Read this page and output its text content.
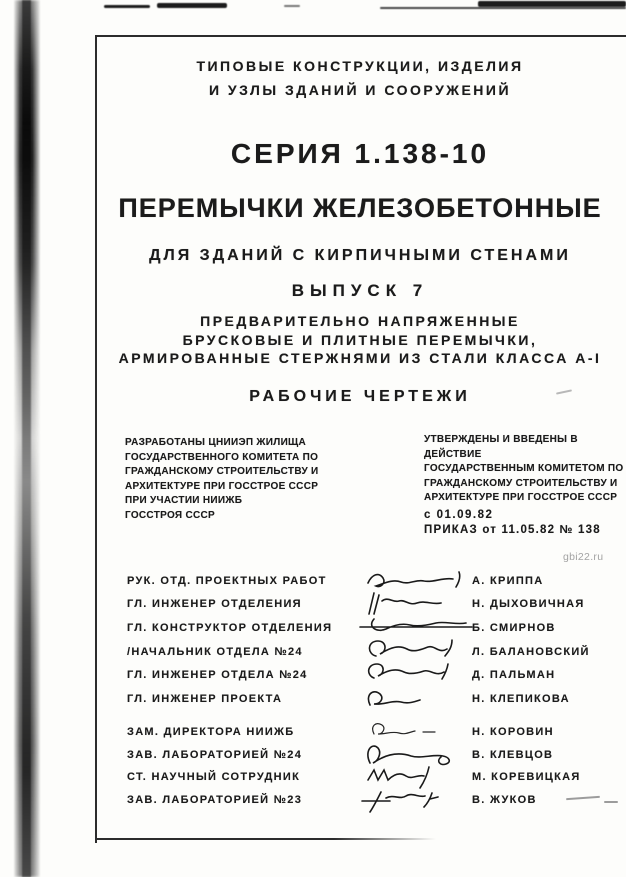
ТИПОВЫЕ КОНСТРУКЦИИ, ИЗДЕЛИЯ
И УЗЛЫ ЗДАНИЙ И СООРУЖЕНИЙ
СЕРИЯ 1.138-10
ПЕРЕМЫЧКИ ЖЕЛЕЗОБЕТОННЫЕ
ДЛЯ ЗДАНИЙ С КИРПИЧНЫМИ СТЕНАМИ
ВЫПУСК 7
ПРЕДВАРИТЕЛЬНО НАПРЯЖЕННЫЕ
БРУСКОВЫЕ И ПЛИТНЫЕ ПЕРЕМЫЧКИ,
АРМИРОВАННЫЕ СТЕРЖНЯМИ ИЗ СТАЛИ КЛАССА А-I
РАБОЧИЕ ЧЕРТЕЖИ
РАЗРАБОТАНЫ ЦНИИЭП ЖИЛИЩА
ГОСУДАРСТВЕННОГО КОМИТЕТА ПО
ГРАЖДАНСКОМУ СТРОИТЕЛЬСТВУ И
АРХИТЕКТУРЕ ПРИ ГОССТРОЕ СССР
ПРИ УЧАСТИИ НИИЖБ
ГОССТРОЯ СССР
УТВЕРЖДЕНЫ И ВВЕДЕНЫ В ДЕЙСТВИЕ
ГОСУДАРСТВЕННЫМ КОМИТЕТОМ ПО
ГРАЖДАНСКОМУ СТРОИТЕЛЬСТВУ И
АРХИТЕКТУРЕ ПРИ ГОССТРОЕ СССР
с 01.09.82
ПРИКАЗ от 11.05.82 № 138
gbi22.ru
РУК. ОТД. ПРОЕКТНЫХ РАБОТ	А. КРИППА
ГЛ. ИНЖЕНЕР ОТДЕЛЕНИЯ	Н. ДЫХОВИЧНАЯ
ГЛ. КОНСТРУКТОР ОТДЕЛЕНИЯ	Б. СМИРНОВ
/НАЧАЛЬНИК ОТДЕЛА №24	Л. БАЛАНОВСКИЙ
ГЛ. ИНЖЕНЕР ОТДЕЛА №24	Д. ПАЛЬМАН
ГЛ. ИНЖЕНЕР ПРОЕКТА	Н. КЛЕПИКОВА
ЗАМ. ДИРЕКТОРА НИИЖБ	Н. КОРОВИН
ЗАВ. ЛАБОРАТОРИЕЙ №24	В. КЛЕВЦОВ
СТ. НАУЧНЫЙ СОТРУДНИК	М. КОРЕВИЦКАЯ
ЗАВ. ЛАБОРАТОРИЕЙ №23	В. ЖУКОВ
